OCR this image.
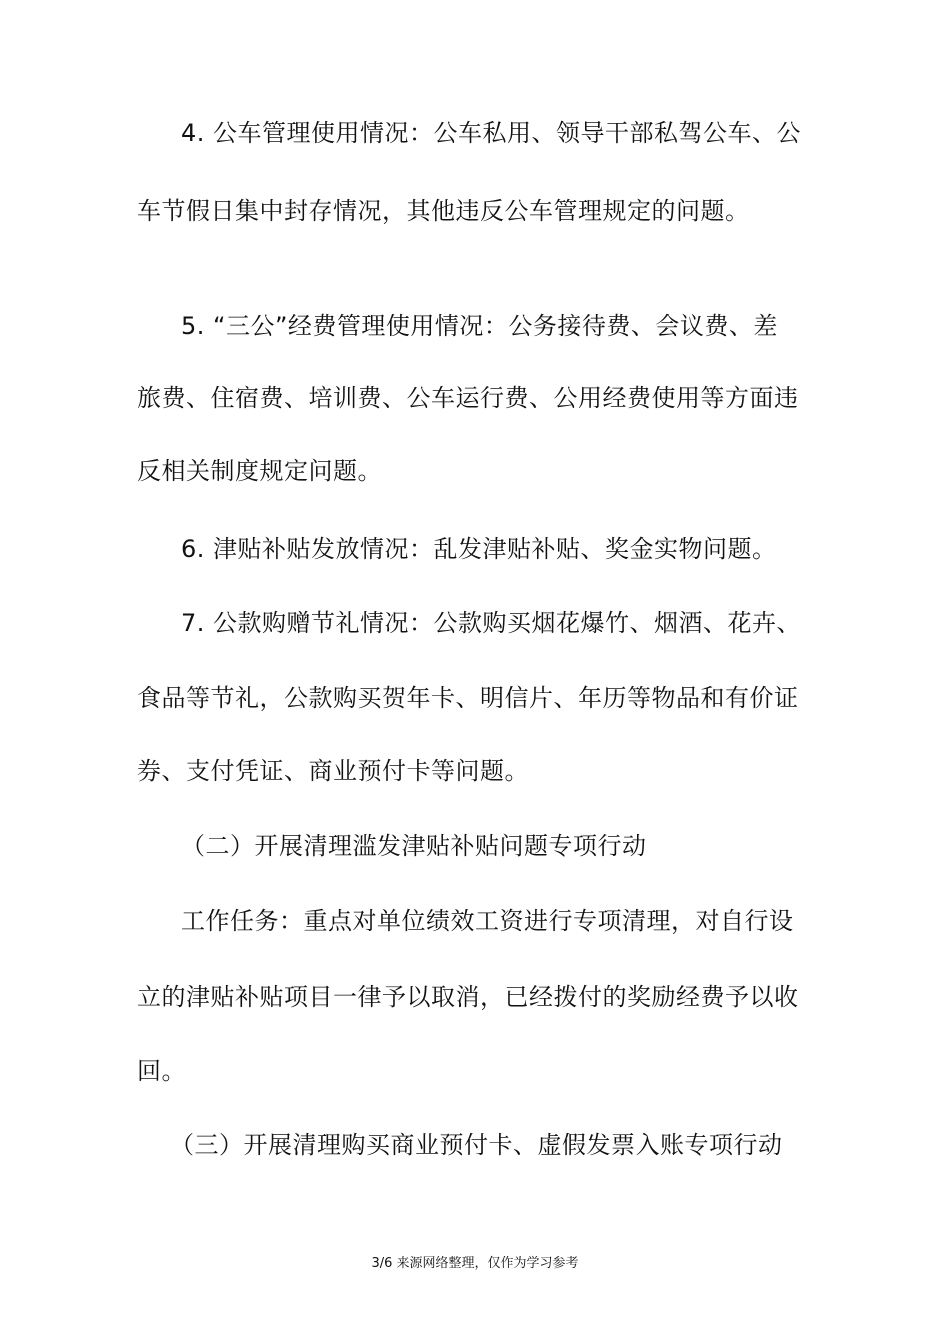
4. 公车管理使用情况：公车私用、领导干部私驾公车、公
车节假日集中封存情况，其他违反公车管理规定的问题。
5. “三公”经费管理使用情况：公务接待费、会议费、差
旅费、住宿费、培训费、公车运行费、公用经费使用等方面违
反相关制度规定问题。
6. 津贴补贴发放情况：乱发津贴补贴、奖金实物问题。
7. 公款购赠节礼情况：公款购买烟花爆竹、烟酒、花卉、
食品等节礼，公款购买贺年卡、明信片、年历等物品和有价证
券、支付凭证、商业预付卡等问题。
（二）开展清理滥发津贴补贴问题专项行动
工作任务：重点对单位绩效工资进行专项清理，对自行设
立的津贴补贴项目一律予以取消，已经拨付的奖励经费予以收
回。
（三）开展清理购买商业预付卡、虚假发票入账专项行动
3/6 来源网络整理，仅作为学习参考
